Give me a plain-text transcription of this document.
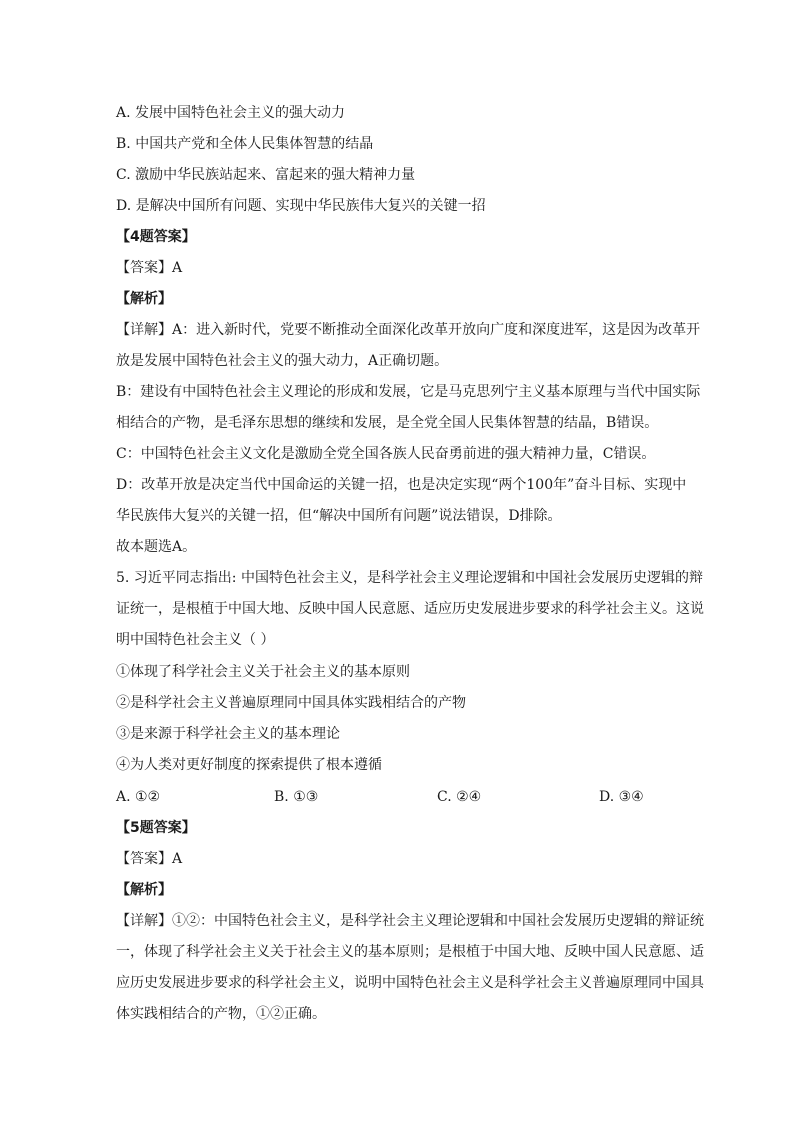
A. 发展中国特色社会主义的强大动力
B. 中国共产党和全体人民集体智慧的结晶
C. 激励中华民族站起来、富起来的强大精神力量
D. 是解决中国所有问题、实现中华民族伟大复兴的关键一招
【4题答案】
【答案】A
【解析】
【详解】A：进入新时代，党要不断推动全面深化改革开放向广度和深度进军，这是因为改革开
放是发展中国特色社会主义的强大动力，A正确切题。
B：建设有中国特色社会主义理论的形成和发展，它是马克思列宁主义基本原理与当代中国实际
相结合的产物，是毛泽东思想的继续和发展，是全党全国人民集体智慧的结晶，B错误。
C：中国特色社会主义文化是激励全党全国各族人民奋勇前进的强大精神力量，C错误。
D：改革开放是决定当代中国命运的关键一招，也是决定实现“两个100年”奋斗目标、实现中
华民族伟大复兴的关键一招，但“解决中国所有问题”说法错误，D排除。
故本题选A。
5. 习近平同志指出: 中国特色社会主义，是科学社会主义理论逻辑和中国社会发展历史逻辑的辩
证统一，是根植于中国大地、反映中国人民意愿、适应历史发展进步要求的科学社会主义。这说
明中国特色社会主义（ ）
①体现了科学社会主义关于社会主义的基本原则
②是科学社会主义普遍原理同中国具体实践相结合的产物
③是来源于科学社会主义的基本理论
④为人类对更好制度的探索提供了根本遵循
A. ①②	B. ①③	C. ②④	D. ③④
【5题答案】
【答案】A
【解析】
【详解】①②：中国特色社会主义，是科学社会主义理论逻辑和中国社会发展历史逻辑的辩证统
一，体现了科学社会主义关于社会主义的基本原则；是根植于中国大地、反映中国人民意愿、适
应历史发展进步要求的科学社会主义，说明中国特色社会主义是科学社会主义普遍原理同中国具
体实践相结合的产物，①②正确。
